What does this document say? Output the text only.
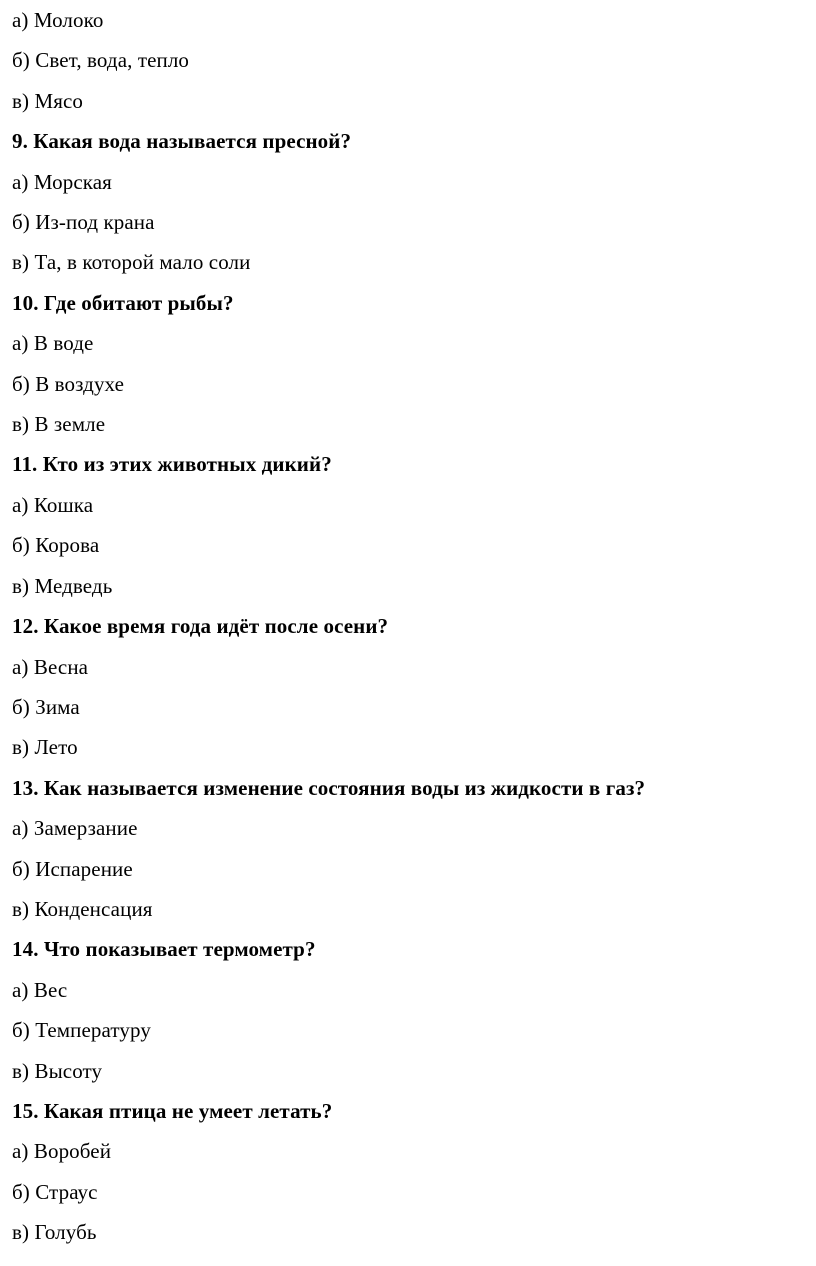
а) Молоко
б) Свет, вода, тепло
в) Мясо
9. Какая вода называется пресной?
а) Морская
б) Из-под крана
в) Та, в которой мало соли
10. Где обитают рыбы?
а) В воде
б) В воздухе
в) В земле
11. Кто из этих животных дикий?
а) Кошка
б) Корова
в) Медведь
12. Какое время года идёт после осени?
а) Весна
б) Зима
в) Лето
13. Как называется изменение состояния воды из жидкости в газ?
а) Замерзание
б) Испарение
в) Конденсация
14. Что показывает термометр?
а) Вес
б) Температуру
в) Высоту
15. Какая птица не умеет летать?
а) Воробей
б) Страус
в) Голубь
